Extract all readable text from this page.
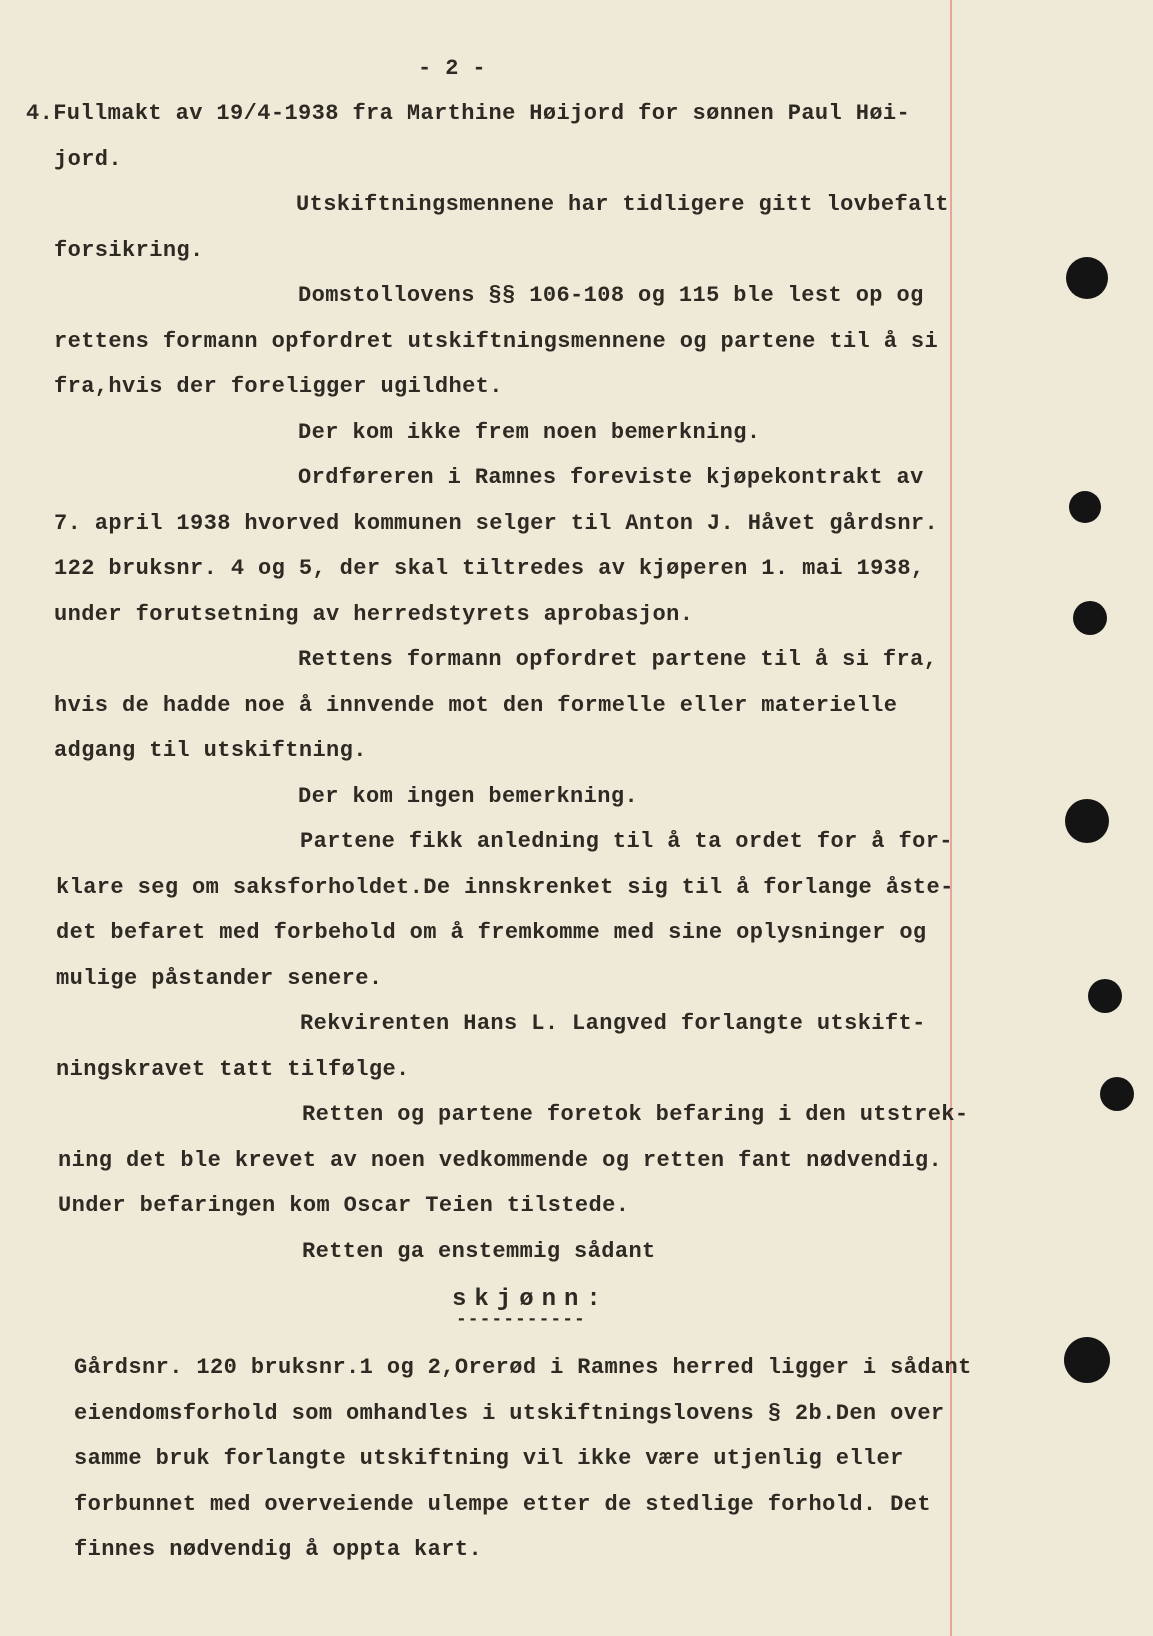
- 2 -

4.Fullmakt av 19/4-1938 fra Marthine Høijord for sønnen Paul Høi-

jord.

Utskiftningsmennene har tidligere gitt lovbefalt

forsikring.

Domstollovens §§ 106-108 og 115 ble lest op og

rettens formann opfordret utskiftningsmennene og partene til å si

fra,hvis der foreligger ugildhet.

Der kom ikke frem noen bemerkning.

Ordføreren i Ramnes foreviste kjøpekontrakt av

7. april 1938 hvorved kommunen selger til Anton J. Håvet gårdsnr.

122 bruksnr. 4 og 5, der skal tiltredes av kjøperen 1. mai 1938,

under forutsetning av herredstyrets aprobasjon.

Rettens formann opfordret partene til å si fra,

hvis de hadde noe å innvende mot den formelle eller materielle

adgang til utskiftning.

Der kom ingen bemerkning.

Partene fikk anledning til å ta ordet for å for-

klare seg om saksforholdet.De innskrenket sig til å forlange åste-

det befaret med forbehold om å fremkomme med sine oplysninger og

mulige påstander senere.

Rekvirenten Hans L. Langved forlangte utskift-

ningskravet tatt tilfølge.

Retten og partene foretok befaring i den utstrek-

ning det ble krevet av noen vedkommende og retten fant nødvendig.

Under befaringen kom Oscar Teien tilstede.

Retten ga enstemmig sådant

skjønn:

-----------

Gårdsnr. 120 bruksnr.1 og 2,Orerød i Ramnes herred ligger i sådant

eiendomsforhold som omhandles i utskiftningslovens § 2b.Den over

samme bruk forlangte utskiftning vil ikke være utjenlig eller

forbunnet med overveiende ulempe etter de stedlige forhold. Det

finnes nødvendig å oppta kart.
